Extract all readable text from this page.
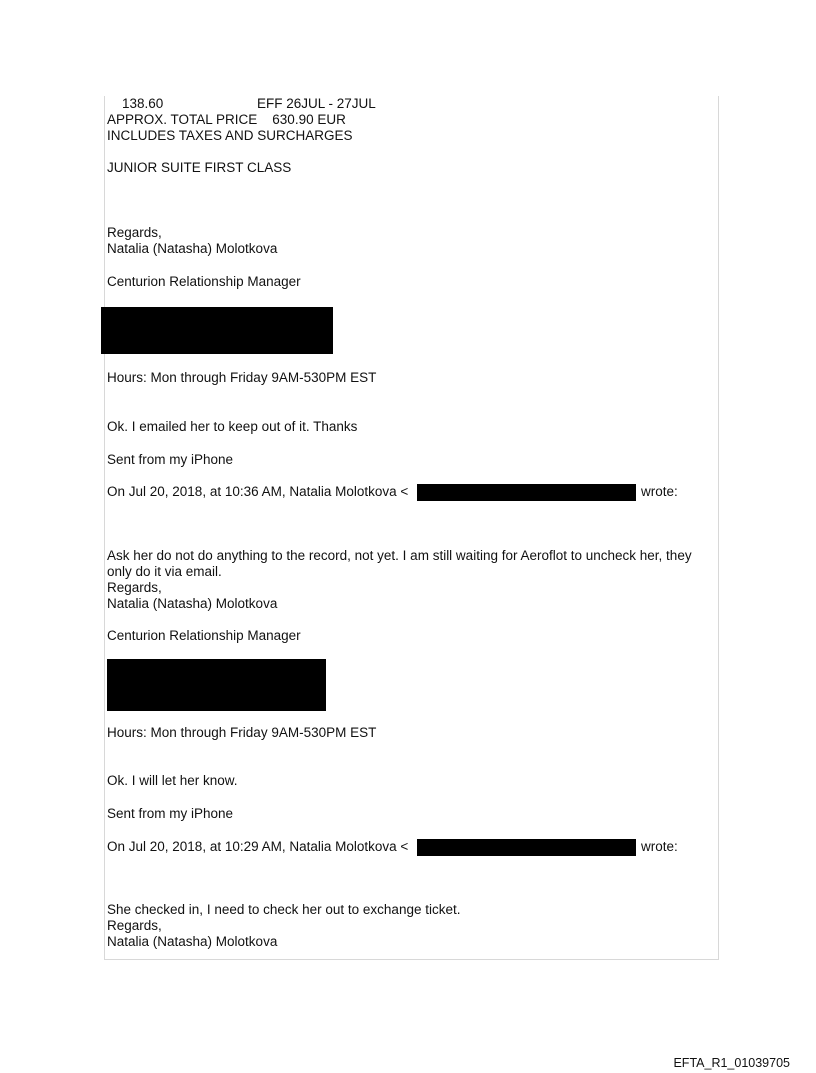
138.60	EFF 26JUL - 27JUL
APPROX. TOTAL PRICE    630.90 EUR
INCLUDES TAXES AND SURCHARGES
JUNIOR SUITE FIRST CLASS
Regards,
Natalia (Natasha) Molotkova
Centurion Relationship Manager
Hours: Mon through Friday 9AM-530PM EST
Ok. I emailed her to keep out of it. Thanks
Sent from my iPhone
On Jul 20, 2018, at 10:36 AM, Natalia Molotkova <	wrote:
Ask her do not do anything to the record, not yet. I am still waiting for Aeroflot to uncheck her, they
only do it via email.
Regards,
Natalia (Natasha) Molotkova
Centurion Relationship Manager
Hours: Mon through Friday 9AM-530PM EST
Ok. I will let her know.
Sent from my iPhone
On Jul 20, 2018, at 10:29 AM, Natalia Molotkova <	wrote:
She checked in, I need to check her out to exchange ticket.
Regards,
Natalia (Natasha) Molotkova
EFTA_R1_01039705
